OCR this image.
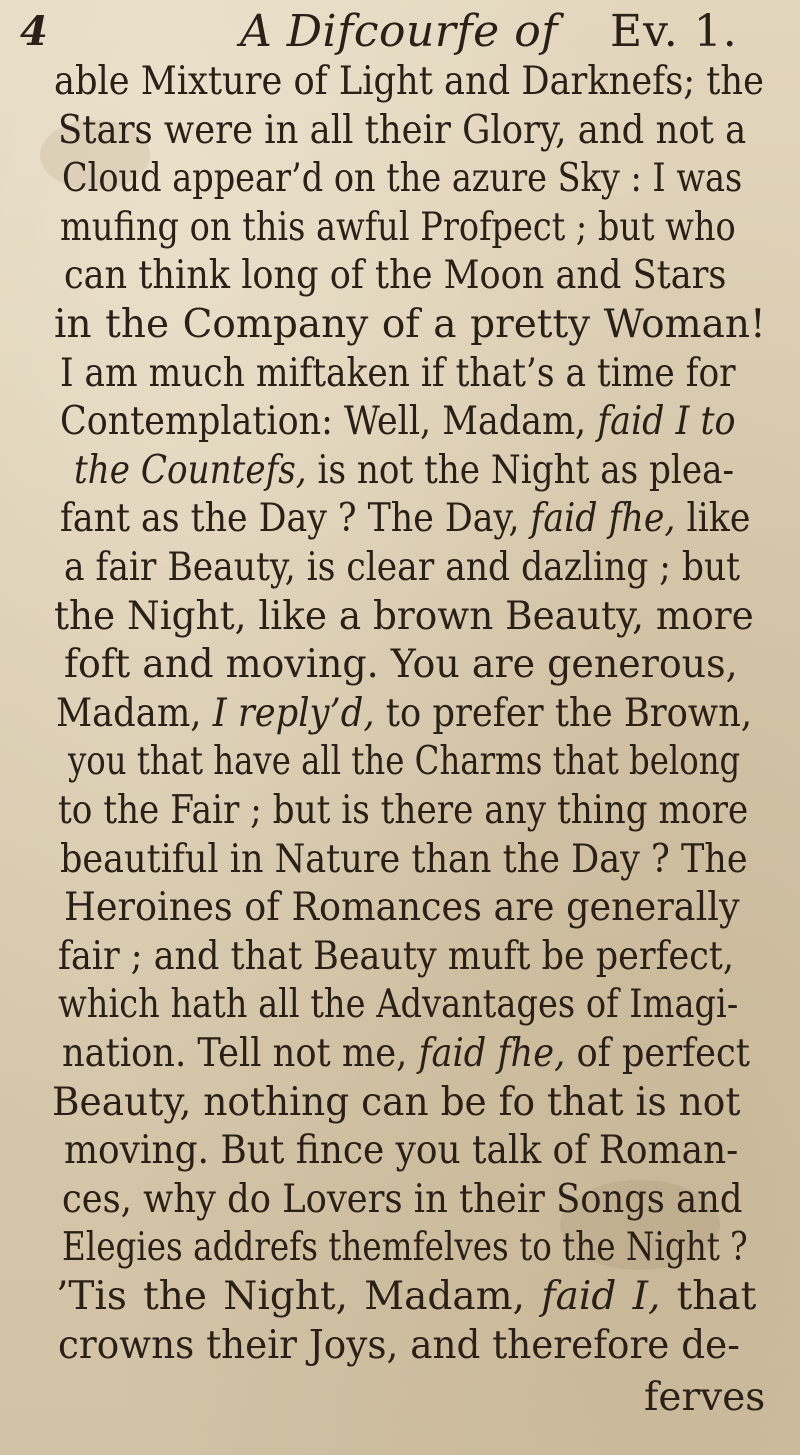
4	A Difcourfe of Ev. 1.
able Mixture of Light and Darknefs; the
Stars were in all their Glory, and not a
Cloud appear’d on the azure Sky : I was
mufing on this awful Profpect ; but who
can think long of the Moon and Stars
in the Company of a pretty Woman!
I am much miftaken if that’s a time for
Contemplation: Well, Madam, faid I to
the Countefs, is not the Night as plea-
fant as the Day ? The Day, faid fhe, like
a fair Beauty, is clear and dazling ; but
the Night, like a brown Beauty, more
foft and moving. You are generous,
Madam, I reply’d, to prefer the Brown,
you that have all the Charms that belong
to the Fair ; but is there any thing more
beautiful in Nature than the Day ? The
Heroines of Romances are generally
fair ; and that Beauty muft be perfect,
which hath all the Advantages of Imagi-
nation. Tell not me, faid fhe, of perfect
Beauty, nothing can be fo that is not
moving. But fince you talk of Roman-
ces, why do Lovers in their Songs and
Elegies addrefs themfelves to the Night ?
’Tis the Night, Madam, faid I, that
crowns their Joys, and therefore de-
ferves
